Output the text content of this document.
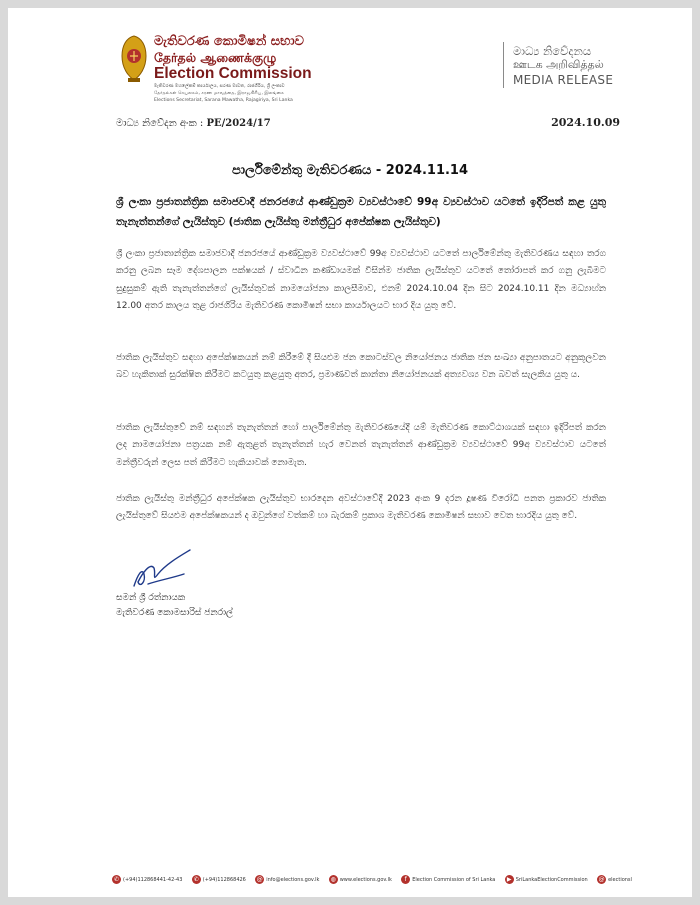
මැතිවරණ කොමිෂන් සභාව
தேர்தல் ஆணைக்குழு
Election Commission
මැතිවරණ මහලේකම් කාර්යාලය, සරණ මාවත, රාජගිරිය, ශ්‍රී ලංකාව
தேர்தல்கள் செயலகம், சரண மாவத்தை, இராஜகிரிய, இலங்கை
Elections Secretariat, Sarana Mawatha, Rajagiriya, Sri Lanka
මාධ්‍ය නිවේදනය
ஊடக அறிவித்தல்
MEDIA RELEASE
මාධ්‍ය නිවේදන අංක : PE/2024/17	2024.10.09
පාර්ලිමේන්තු මැතිවරණය - 2024.11.14
ශ්‍රී ලංකා ප්‍රජාතන්ත්‍රික සමාජවාදී ජනරජයේ ආණ්ඩුක්‍රම ව්‍යවස්ථාවේ 99අ ව්‍යවස්ථාව යටතේ ඉදිරිපත් කළ යුතු තැනැත්තන්ගේ ලැයිස්තුව (ජාතික ලැයිස්තු මන්ත්‍රීධුර අපේක්ෂක ලැයිස්තුව)
ශ්‍රී ලංකා ප්‍රජාතාන්ත්‍රික සමාජවාදී ජනරජයේ ආණ්ඩුක්‍රම ව්‍යවස්ථාවේ 99අ ව්‍යවස්ථාව යටතේ පාර්ලිමේන්තු මැතිවරණය සඳහා තරග කරනු ලබන සෑම දේශපාලන පක්ෂයක් / ස්වාධීන කණ්ඩායමක් විසින්ම ජාතික ලැයිස්තුව යටතේ තෝරාපත් කර ගනු ලැබීමට සුදුසුකම් ඇති තැනැත්තන්ගේ ලැයිස්තුවක් නාමයෝජනා කාලසීමාව, එනම් 2024.10.04 දින සිට 2024.10.11 දින මධ්‍යාහ්න 12.00 අතර කාලය තුළ රාජගිරිය මැතිවරණ කොමිෂන් සභා කාර්යාලයට භාර දිය යුතු වේ.
ජාතික ලැයිස්තුව සඳහා අපේක්ෂකයන් නම් කිරීමේ දී සියළුම ජන කොටස්වල නියෝජනය ජාතික ජන සංඛ්‍යා අනුපාතයට අනුකූලවන බව හැකිතාක් සුරක්ෂිත කිරීමට කටයුතු කළයුතු අතර, ප්‍රමාණවත් කාන්තා නියෝජනයක් අත්‍යවශ්‍ය වන බවත් සැලකිය යුතු ය.
ජාතික ලැයිස්තුවේ නම් සඳහන් තැනැත්තන් හෝ පාර්ලිමේන්තු මැතිවරණයේදී යම් මැතිවරණ කොට්ඨාශයක් සඳහා ඉදිරිපත් කරන ලද නාමයෝජනා පත්‍රයක නම් ඇතුළත් තැනැත්තන් හැර වෙනත් තැනැත්තන් ආණ්ඩුක්‍රම ව්‍යවස්ථාවේ 99අ ව්‍යවස්ථාව යටතේ මන්ත්‍රීවරුන් ලෙස පත් කිරීමට හැකියාවක් නොමැත.
ජාතික ලැයිස්තු මන්ත්‍රීධුර අපේක්ෂක ලැයිස්තුව භාරදෙන අවස්ථාවේදී 2023 අංක 9 දරන දූෂණ විරෝධී පනත ප්‍රකාරව ජාතික ලැයිස්තුවේ සියළුම අපේක්ෂකයන් ද ඔවුන්ගේ වත්කම් හා බැරකම් ප්‍රකාශ මැතිවරණ කොමිෂන් සභාව වෙත භාරදිය යුතු වේ.
සමන් ශ්‍රී රත්නායක
මැතිවරණ කොමසාරිස් ජනරාල්
✆ (+94)112868441-42-43	✆ (+94)112868426 @ info@elections.gov.lk	◍ www.elections.gov.lk	f	Election Commission of Sri Lanka	▶ SriLankaElectionCommission @ electionsl
